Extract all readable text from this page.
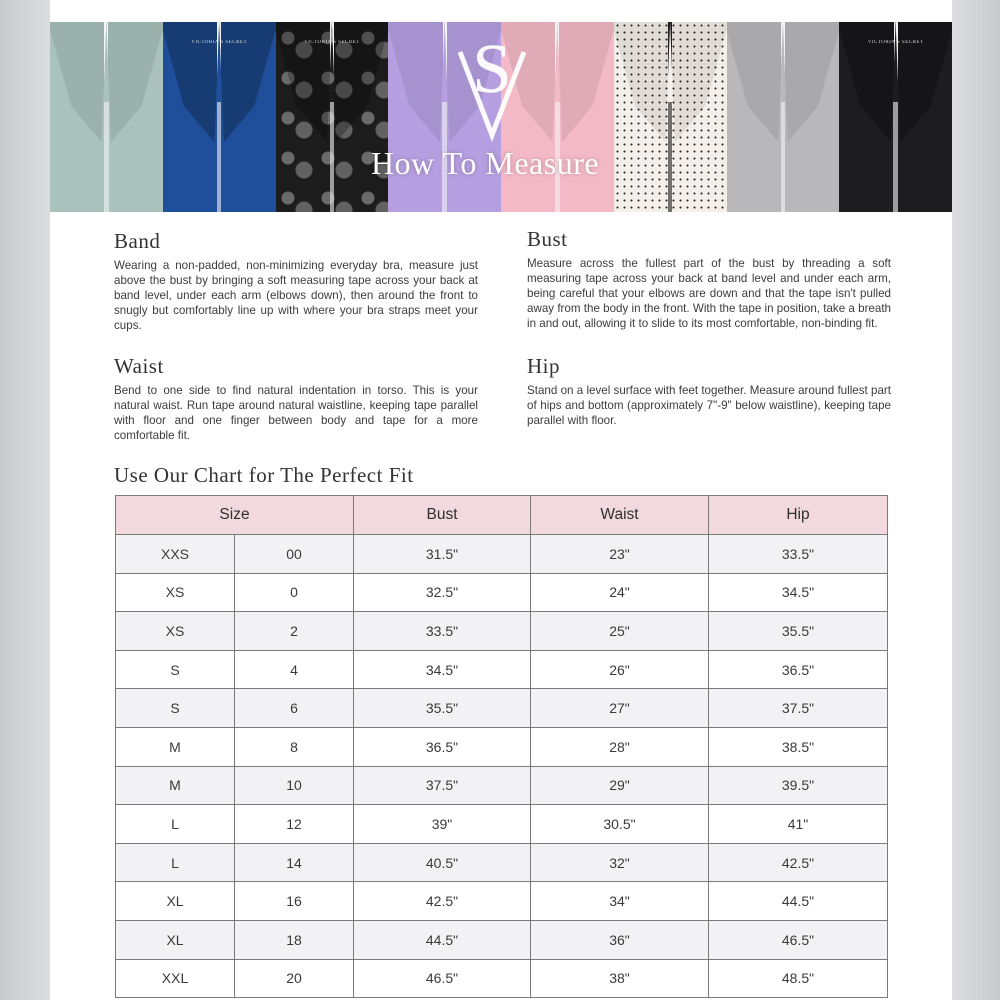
VICTORIA'S SECRET	VICTORIA'S SECRET	VICTORIA'S SECRET
S
How To Measure
Band

Wearing a non-padded, non-minimizing everyday bra, measure just above the bust by bringing a soft measuring tape across your back at band level, under each arm (elbows down), then around the front to snugly but comfortably line up with where your bra straps meet your cups.

Bust

Measure across the fullest part of the bust by threading a soft measuring tape across your back at band level and under each arm, being careful that your elbows are down and that the tape isn't pulled away from the body in the front. With the tape in position, take a breath in and out, allowing it to slide to its most comfortable, non-binding fit.

Waist

Bend to one side to find natural indentation in torso. This is your natural waist. Run tape around natural waistline, keeping tape parallel with floor and one finger between body and tape for a more comfortable fit.

Hip

Stand on a level surface with feet together. Measure around fullest part of hips and bottom (approximately 7"-9" below waistline), keeping tape parallel with floor.

Use Our Chart for The Perfect Fit
Size		Bust	Waist	Hip
XXS	00	31.5"	23"	33.5"
XS	0	32.5"	24"	34.5"
XS	2	33.5"	25"	35.5"
S	4	34.5"	26"	36.5"
S	6	35.5"	27"	37.5"
M	8	36.5"	28"	38.5"
M	10	37.5"	29"	39.5"
L	12	39"	30.5"	41"
L	14	40.5"	32"	42.5"
XL	16	42.5"	34"	44.5"
XL	18	44.5"	36"	46.5"
XXL	20	46.5"	38"	48.5"
